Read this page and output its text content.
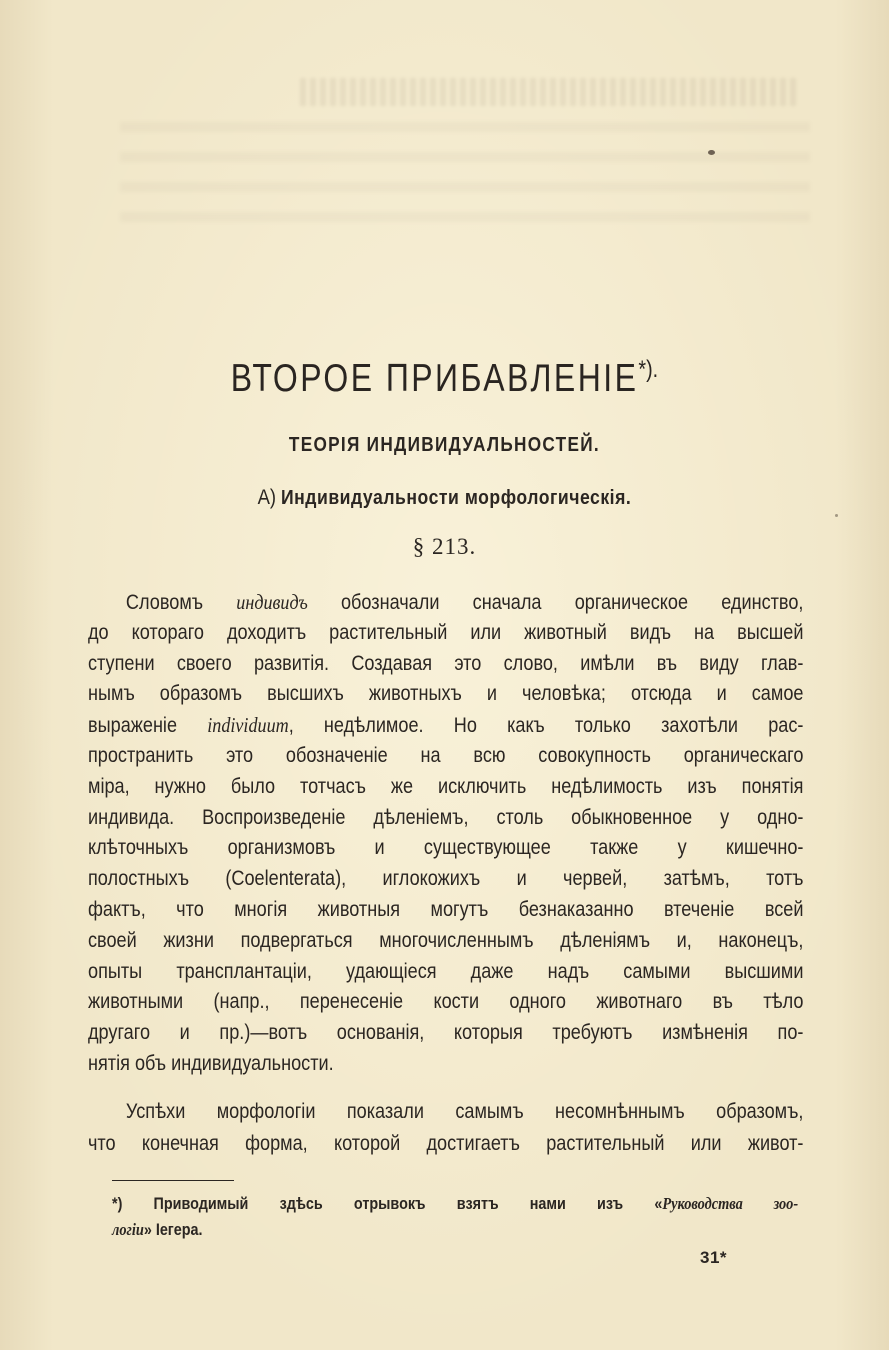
ВТОРОЕ ПРИБАВЛЕНІЕ*).
ТЕОРІЯ ИНДИВИДУАЛЬНОСТЕЙ.
A) Индивидуальности морфологическія.
§ 213.
Словомъ индивидъ обозначали сначала органическое единство,
до котораго доходитъ растительный или животный видъ на высшей
ступени своего развитія. Создавая это слово, имѣли въ виду глав-
нымъ образомъ высшихъ животныхъ и человѣка; отсюда и самое
выраженіе individuum, недѣлимое. Но какъ только захотѣли рас-
пространить это обозначеніе на всю совокупность органическаго
міра, нужно было тотчасъ же исключить недѣлимость изъ понятія
индивида. Воспроизведеніе дѣленіемъ, столь обыкновенное у одно-
клѣточныхъ организмовъ и существующее также у кишечно-
полостныхъ (Coelenterata), иглокожихъ и червей, затѣмъ, тотъ
фактъ, что многія животныя могутъ безнаказанно втеченіе всей
своей жизни подвергаться многочисленнымъ дѣленіямъ и, наконецъ,
опыты трансплантаціи, удающіеся даже надъ самыми высшими
животными (напр., перенесеніе кости одного животнаго въ тѣло
другаго и пр.)—вотъ основанія, которыя требуютъ измѣненія по-
нятія объ индивидуальности.
Успѣхи морфологіи показали самымъ несомнѣннымъ образомъ,
что конечная форма, которой достигаетъ растительный или живот-
*) Приводимый здѣсь отрывокъ взятъ нами изъ «Руководства зоо-
логіи» Iегера.
31*
